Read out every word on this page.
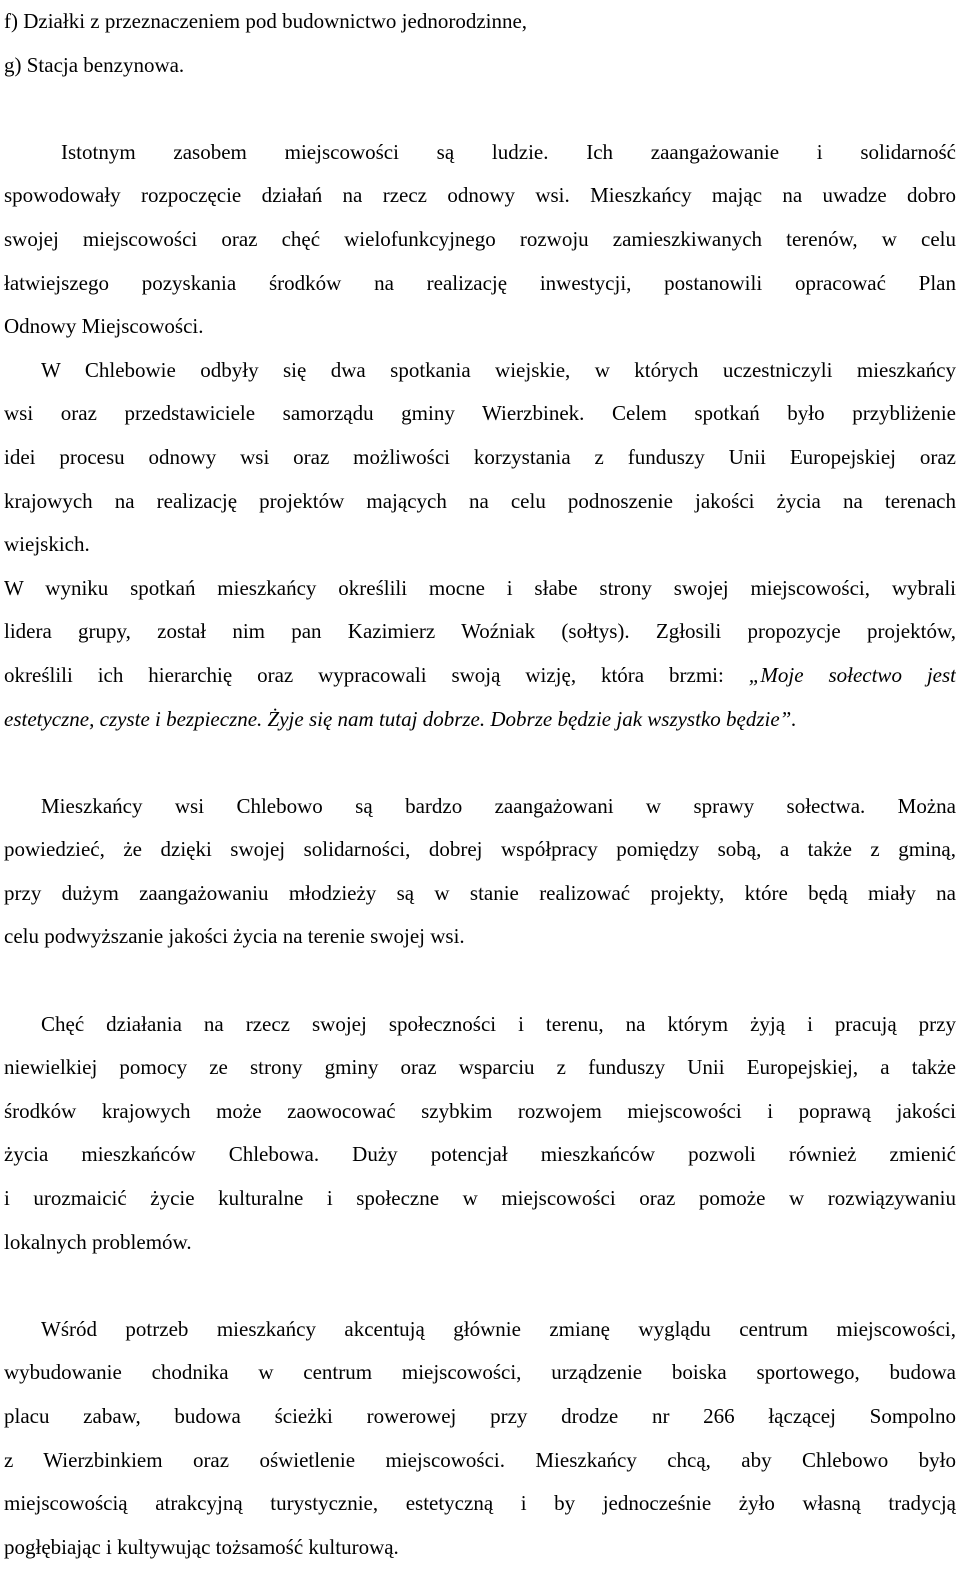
f) Działki z przeznaczeniem pod budownictwo jednorodzinne,

g) Stacja benzynowa.

Istotnym zasobem miejscowości są ludzie. Ich zaangażowanie i solidarność

spowodowały rozpoczęcie działań na rzecz odnowy wsi. Mieszkańcy mając na uwadze dobro

swojej miejscowości oraz chęć wielofunkcyjnego rozwoju zamieszkiwanych terenów, w celu

łatwiejszego pozyskania środków na realizację inwestycji, postanowili opracować Plan

Odnowy Miejscowości.

W Chlebowie odbyły się dwa spotkania wiejskie, w których uczestniczyli mieszkańcy

wsi oraz przedstawiciele samorządu gminy Wierzbinek. Celem spotkań było przybliżenie

idei procesu odnowy wsi oraz możliwości korzystania z funduszy Unii Europejskiej oraz

krajowych na realizację projektów mających na celu podnoszenie jakości życia na terenach

wiejskich.

W wyniku spotkań mieszkańcy określili mocne i słabe strony swojej miejscowości, wybrali

lidera grupy, został nim pan Kazimierz Woźniak (sołtys). Zgłosili propozycje projektów,

określili ich hierarchię oraz wypracowali swoją wizję, która brzmi: „Moje sołectwo jest

estetyczne, czyste i bezpieczne. Żyje się nam tutaj dobrze. Dobrze będzie jak wszystko będzie”.

Mieszkańcy wsi Chlebowo są bardzo zaangażowani w sprawy sołectwa. Można

powiedzieć, że dzięki swojej solidarności, dobrej współpracy pomiędzy sobą, a także z gminą,

przy dużym zaangażowaniu młodzieży są w stanie realizować projekty, które będą miały na

celu podwyższanie jakości życia na terenie swojej wsi.

Chęć działania na rzecz swojej społeczności i terenu, na którym żyją i pracują przy

niewielkiej pomocy ze strony gminy oraz wsparciu z funduszy Unii Europejskiej, a także

środków krajowych może zaowocować szybkim rozwojem miejscowości i poprawą jakości

życia mieszkańców Chlebowa. Duży potencjał mieszkańców pozwoli również zmienić

i urozmaicić życie kulturalne i społeczne w miejscowości oraz pomoże w rozwiązywaniu

lokalnych problemów.

Wśród potrzeb mieszkańcy akcentują głównie zmianę wyglądu centrum miejscowości,

wybudowanie chodnika w centrum miejscowości, urządzenie boiska sportowego, budowa

placu zabaw, budowa ścieżki rowerowej przy drodze nr 266 łączącej Sompolno

z Wierzbinkiem oraz oświetlenie miejscowości. Mieszkańcy chcą, aby Chlebowo było

miejscowością atrakcyjną turystycznie, estetyczną i by jednocześnie żyło własną tradycją

pogłębiając i kultywując tożsamość kulturową.
